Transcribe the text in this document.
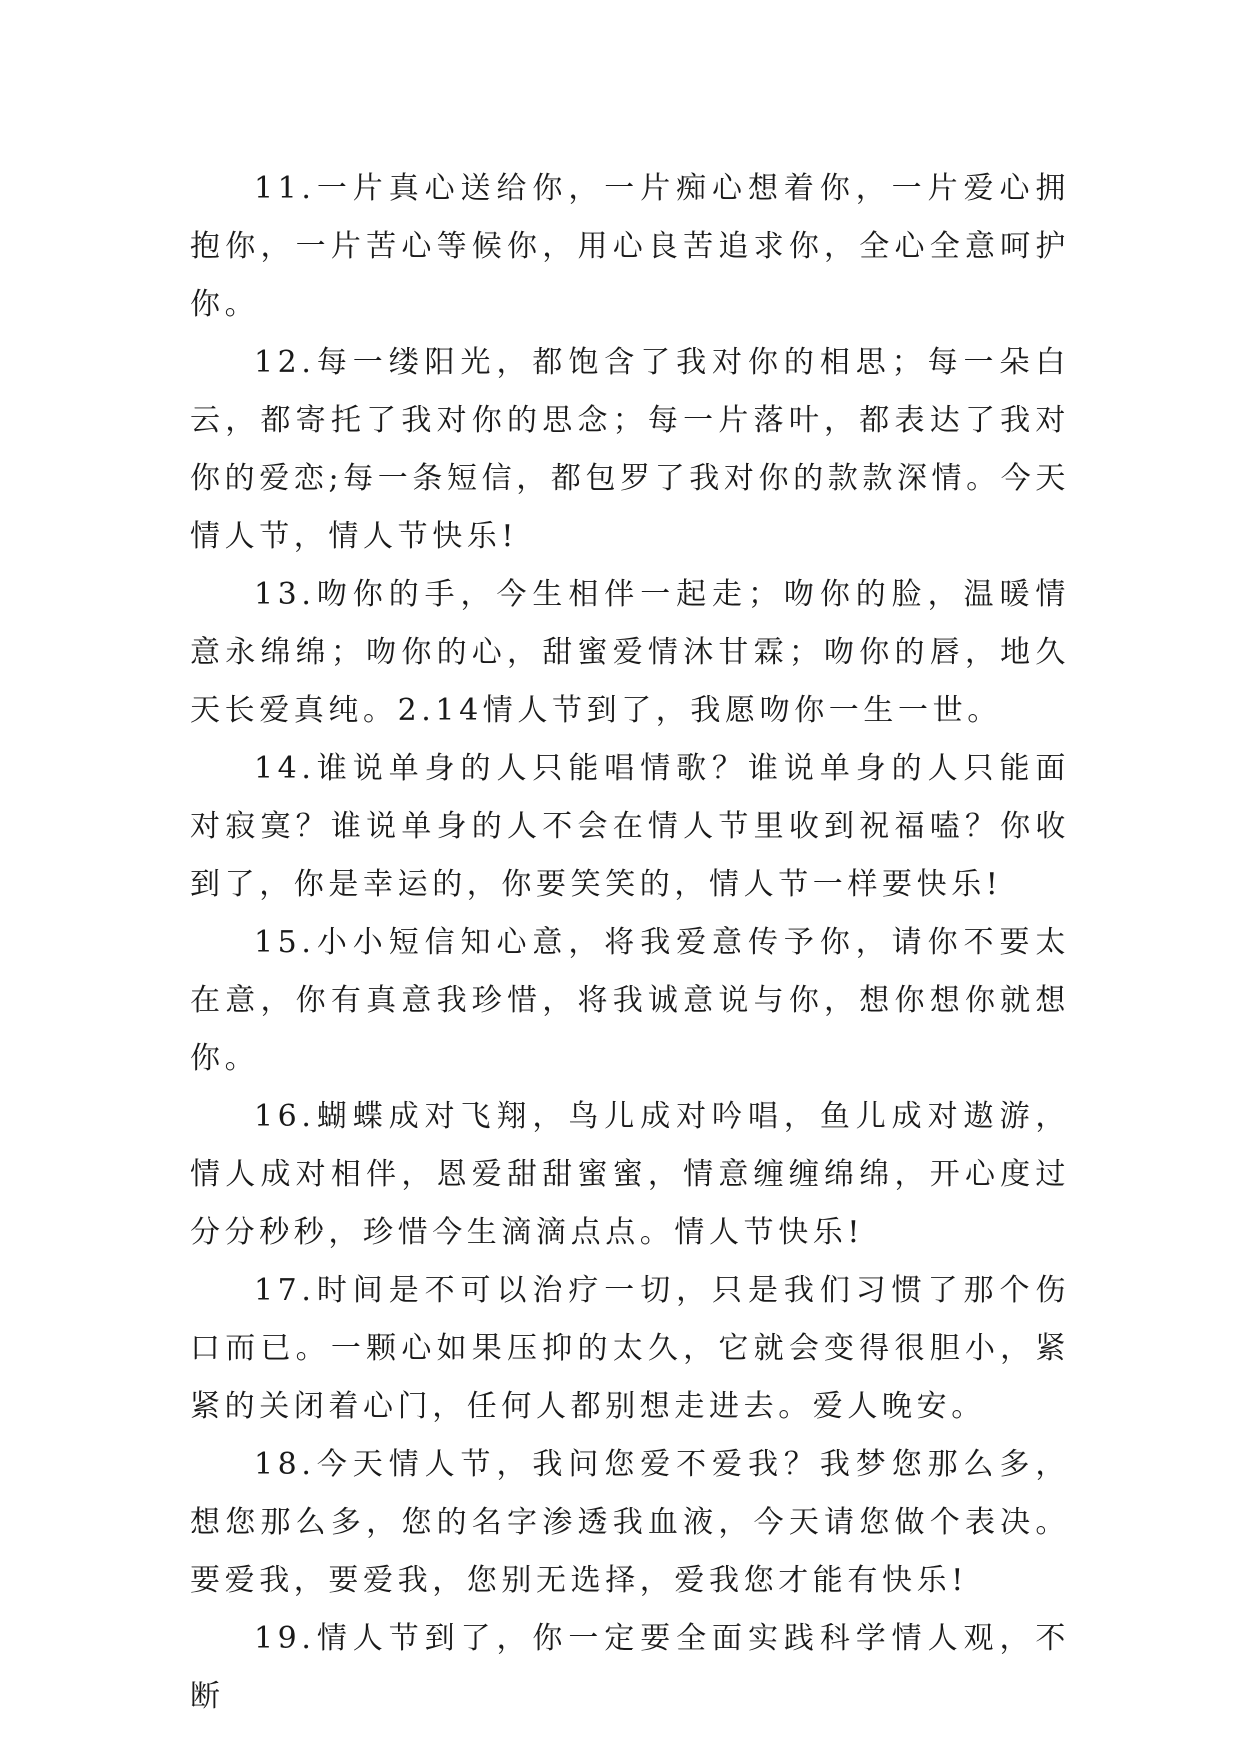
11.一片真心送给你，一片痴心想着你，一片爱心拥抱你，一片苦心等候你，用心良苦追求你，全心全意呵护你。

12.每一缕阳光，都饱含了我对你的相思；每一朵白云，都寄托了我对你的思念；每一片落叶，都表达了我对你的爱恋;每一条短信，都包罗了我对你的款款深情。今天情人节，情人节快乐!

13.吻你的手，今生相伴一起走；吻你的脸，温暖情意永绵绵；吻你的心，甜蜜爱情沐甘霖；吻你的唇，地久天长爱真纯。2.14情人节到了，我愿吻你一生一世。

14.谁说单身的人只能唱情歌？谁说单身的人只能面对寂寞？谁说单身的人不会在情人节里收到祝福嗑？你收到了，你是幸运的，你要笑笑的，情人节一样要快乐!

15.小小短信知心意，将我爱意传予你，请你不要太在意，你有真意我珍惜，将我诚意说与你，想你想你就想你。

16.蝴蝶成对飞翔，鸟儿成对吟唱，鱼儿成对遨游，情人成对相伴，恩爱甜甜蜜蜜，情意缠缠绵绵，开心度过分分秒秒，珍惜今生滴滴点点。情人节快乐!

17.时间是不可以治疗一切，只是我们习惯了那个伤口而已。一颗心如果压抑的太久，它就会变得很胆小，紧紧的关闭着心门，任何人都别想走进去。爱人晚安。

18.今天情人节，我问您爱不爱我？我梦您那么多，想您那么多，您的名字渗透我血液，今天请您做个表决。要爱我，要爱我，您别无选择，爱我您才能有快乐!

19.情人节到了，你一定要全面实践科学情人观，不断
